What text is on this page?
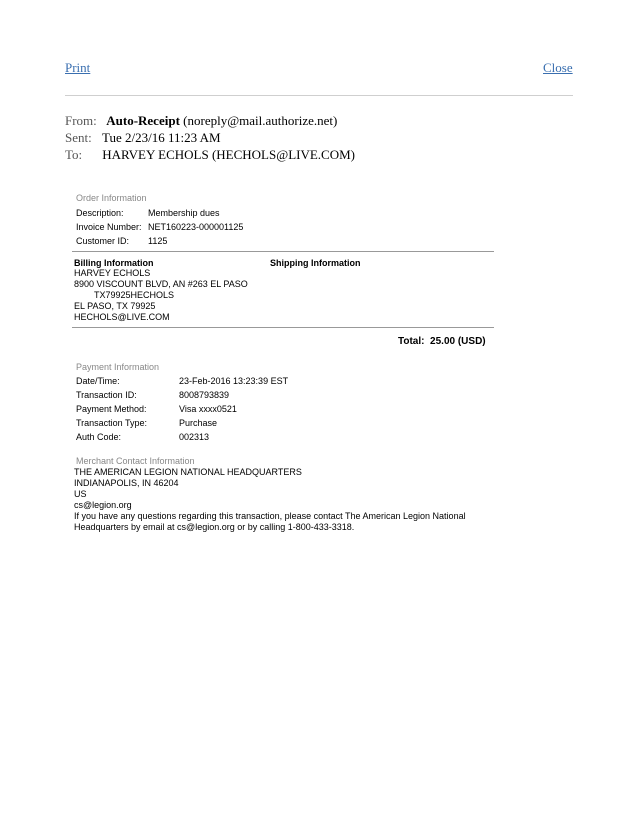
Print	Close
From: Auto-Receipt (noreply@mail.authorize.net)
Sent: Tue 2/23/16 11:23 AM
To: HARVEY ECHOLS (HECHOLS@LIVE.COM)
Order Information
Description:	Membership dues
Invoice Number: NET160223-000001125
Customer ID: 1125
Billing Information	Shipping Information
HARVEY ECHOLS
8900 VISCOUNT BLVD, AN #263 EL PASO
TX79925HECHOLS
EL PASO, TX 79925
HECHOLS@LIVE.COM
Total: 25.00 (USD)
Payment Information
Date/Time:	23-Feb-2016 13:23:39 EST
Transaction ID:	8008793839
Payment Method:	Visa xxxx0521
Transaction Type:	Purchase
Auth Code:	002313
Merchant Contact Information
THE AMERICAN LEGION NATIONAL HEADQUARTERS
INDIANAPOLIS, IN 46204
US
cs@legion.org
If you have any questions regarding this transaction, please contact The American Legion National
Headquarters by email at cs@legion.org or by calling 1-800-433-3318.
